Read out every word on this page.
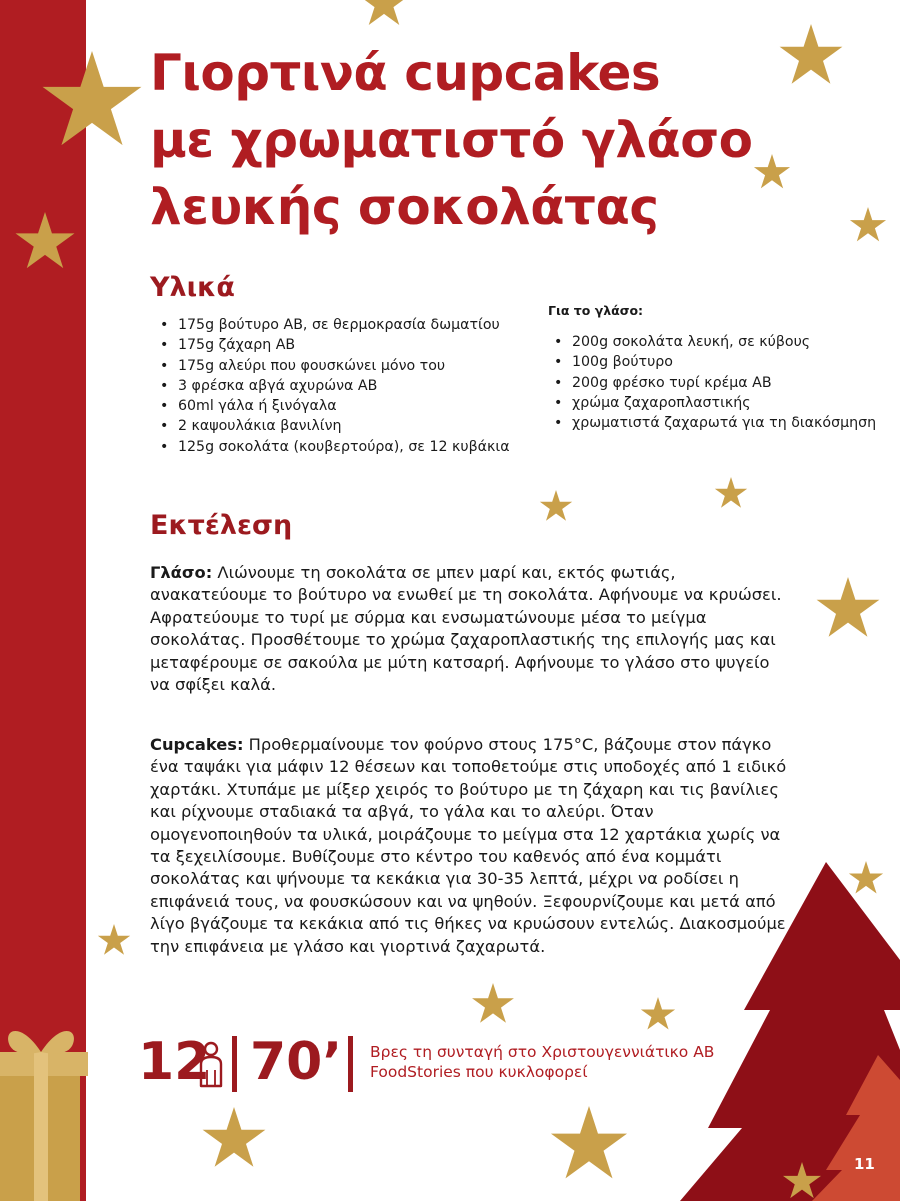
Γιορτινά cupcakes
με χρωματιστό γλάσο
λευκής σοκολάτας
Υλικά
• 175g βούτυρο ΑΒ, σε θερμοκρασία δωματίου
• 175g ζάχαρη ΑΒ
• 175g αλεύρι που φουσκώνει μόνο του
• 3 φρέσκα αβγά αχυρώνα ΑΒ
• 60ml γάλα ή ξινόγαλα
• 2 καψουλάκια βανιλίνη
• 125g σοκολάτα (κουβερτούρα), σε 12 κυβάκια

Για το γλάσο:

• 200g σοκολάτα λευκή, σε κύβους
• 100g βούτυρο
• 200g φρέσκο τυρί κρέμα ΑΒ
• χρώμα ζαχαροπλαστικής
• χρωματιστά ζαχαρωτά για τη διακόσμηση
Εκτέλεση

Γλάσο: Λιώνουμε τη σοκολάτα σε μπεν μαρί και, εκτός φωτιάς, ανακατεύουμε το βούτυρο να ενωθεί με τη σοκολάτα. Αφήνουμε να κρυώσει. Αφρατεύουμε το τυρί με σύρμα και ενσωματώνουμε μέσα το μείγμα σοκολάτας. Προσθέτουμε το χρώμα ζαχαροπλαστικής της επιλογής μας και μεταφέρουμε σε σακούλα με μύτη κατσαρή. Αφήνουμε το γλάσο στο ψυγείο να σφίξει καλά.

Cupcakes: Προθερμαίνουμε τον φούρνο στους 175°C, βάζουμε στον πάγκο ένα ταψάκι για μάφιν 12 θέσεων και τοποθετούμε στις υποδοχές από 1 ειδικό χαρτάκι. Χτυπάμε με μίξερ χειρός το βούτυρο με τη ζάχαρη και τις βανίλιες και ρίχνουμε σταδιακά τα αβγά, το γάλα και το αλεύρι. Όταν ομογενοποιηθούν τα υλικά, μοιράζουμε το μείγμα στα 12 χαρτάκια χωρίς να τα ξεχειλίσουμε. Βυθίζουμε στο κέντρο του καθενός από ένα κομμάτι σοκολάτας και ψήνουμε τα κεκάκια για 30-35 λεπτά, μέχρι να ροδίσει η επιφάνειά τους, να φουσκώσουν και να ψηθούν. Ξεφουρνίζουμε και μετά από λίγο βγάζουμε τα κεκάκια από τις θήκες να κρυώσουν εντελώς. Διακοσμούμε την επιφάνεια με γλάσο και γιορτινά ζαχαρωτά.

12 70’ Βρες τη συνταγή στο Χριστουγεννιάτικο AB FoodStories που κυκλοφορεί

11
